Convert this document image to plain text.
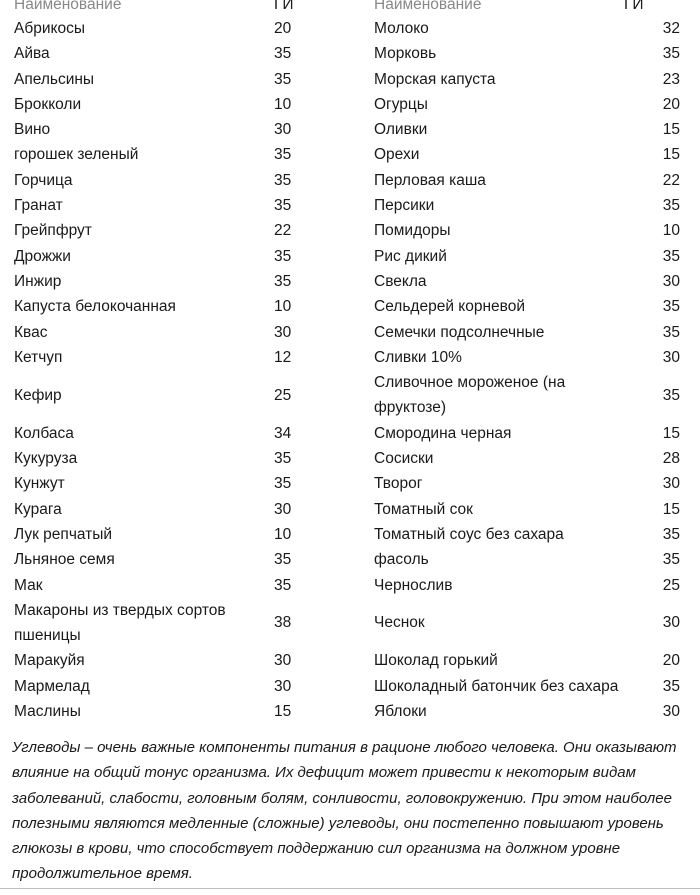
Наименование	ГИ	Наименование	ГИ
Абрикосы	20	Молоко	32
Айва	35	Морковь	35
Апельсины	35	Морская капуста	23
Брокколи	10	Огурцы	20
Вино	30	Оливки	15
горошек зеленый	35	Орехи	15
Горчица	35	Перловая каша	22
Гранат	35	Персики	35
Грейпфрут	22	Помидоры	10
Дрожжи	35	Рис дикий	35
Инжир	35	Свекла	30
Капуста белокочанная	10	Сельдерей корневой	35
Квас	30	Семечки подсолнечные	35
Кетчуп	12	Сливки 10%	30
Кефир	25	Сливочное мороженое (на фруктозе)	35
Колбаса	34	Смородина черная	15
Кукуруза	35	Сосиски	28
Кунжут	35	Творог	30
Курага	30	Томатный сок	15
Лук репчатый	10	Томатный соус без сахара	35
Льняное семя	35	фасоль	35
Мак	35	Чернослив	25
Макароны из твердых сортов пшеницы	38	Чеснок	30
Маракуйя	30	Шоколад горький	20
Мармелад	30	Шоколадный батончик без сахара	35
Маслины	15	Яблоки	30

Углеводы – очень важные компоненты питания в рационе любого человека. Они оказывают влияние на общий тонус организма. Их дефицит может привести к некоторым видам заболеваний, слабости, головным болям, сонливости, головокружению. При этом наиболее полезными являются медленные (сложные) углеводы, они постепенно повышают уровень глюкозы в крови, что способствует поддержанию сил организма на должном уровне продолжительное время.
